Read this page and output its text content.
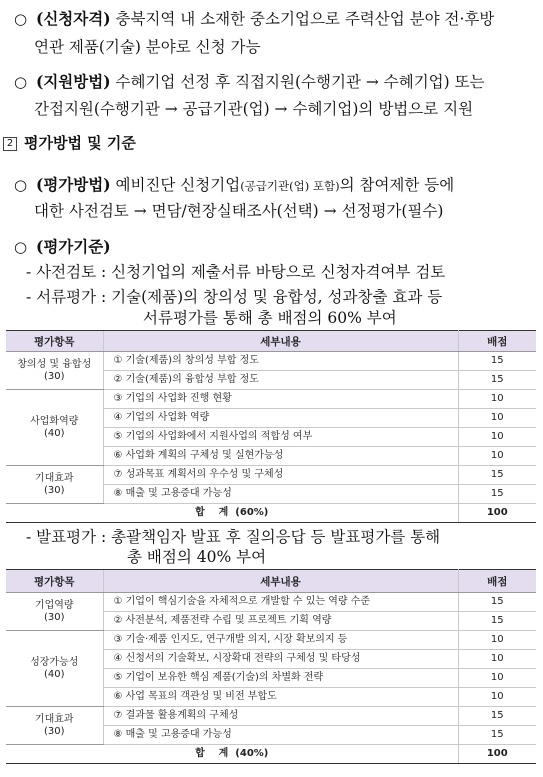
○ (신청자격) 충북지역 내 소재한 중소기업으로 주력산업 분야 전·후방
연관 제품(기술) 분야로 신청 가능
○ (지원방법) 수혜기업 선정 후 직접지원(수행기관 → 수혜기업) 또는
간접지원(수행기관 → 공급기관(업) → 수혜기업)의 방법으로 지원
2 평가방법 및 기준
○ (평가방법) 예비진단 신청기업(공급기관(업) 포함)의 참여제한 등에
대한 사전검토 → 면담/현장실태조사(선택) → 선정평가(필수)
○ (평가기준)
- 사전검토 : 신청기업의 제출서류 바탕으로 신청자격여부 검토
- 서류평가 : 기술(제품)의 창의성 및 융합성, 성과창출 효과 등
서류평가를 통해 총 배점의 60% 부여
평가항목	세부내용	배점

창의성 및 융합성
(30)	① 기술(제품)의 창의성 부합 정도	15
	② 기술(제품)의 융합성 부합 정도	15

사업화역량
(40)	③ 기업의 사업화 진행 현황	10
	④ 기업의 사업화 역량	10
	⑤ 기업의 사업화에서 지원사업의 적합성 여부	10
	⑥ 사업화 계획의 구체성 및 실현가능성	10

기대효과
(30)	⑦ 성과목표 계획서의 우수성 및 구체성	15
	⑧ 매출 및 고용증대 가능성	15
합    계  (60%)		100
- 발표평가 : 총괄책임자 발표 후 질의응답 등 발표평가를 통해
총 배점의 40% 부여
평가항목	세부내용	배점

기업역량
(30)	① 기업이 핵심기술을 자체적으로 개발할 수 있는 역량 수준	15
	② 사전분석, 제품전략 수립 및 프로젝트 기획 역량	15

성장가능성
(40)	③ 기술·제품 인지도, 연구개발 의지, 시장 확보의지 등	10
	④ 신청서의 기술확보, 시장확대 전략의 구체성 및 타당성	10
	⑤ 기업이 보유한 핵심 제품(기술)의 차별화 전략	10
	⑥ 사업 목표의 객관성 및 비전 부합도	10

기대효과
(30)	⑦ 결과물 활용계획의 구체성	15
	⑧ 매출 및 고용증대 가능성	15
합    계  (40%)		100
